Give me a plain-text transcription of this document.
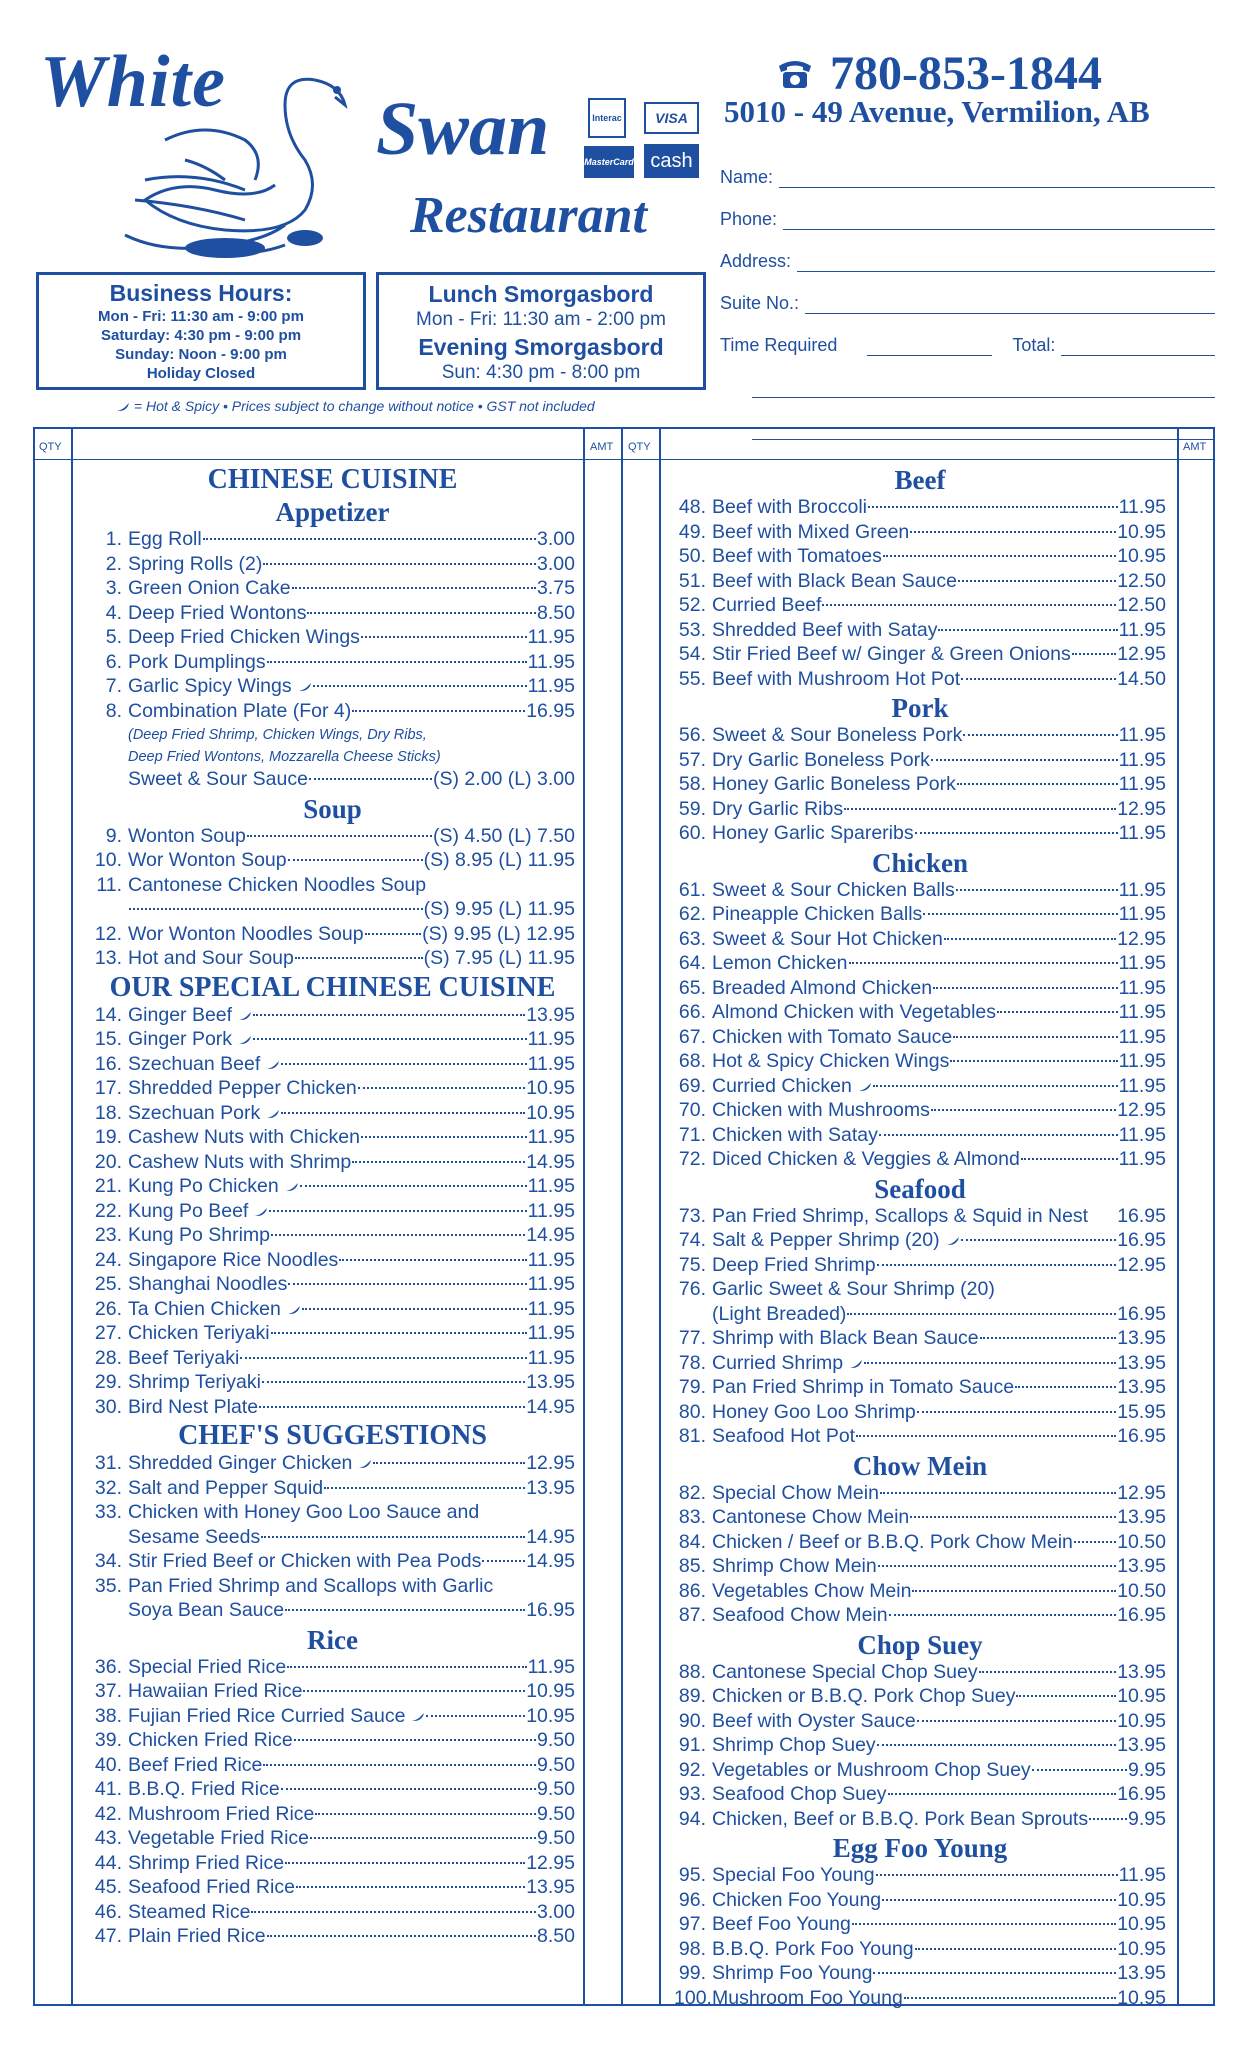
White
Swan
Restaurant
Interac	VISA
MasterCard cash
780-853-1844
5010 - 49 Avenue, Vermilion, AB
Name:
Phone:
Address:
Suite No.:
Time Required	Total:
Business Hours:
Mon - Fri: 11:30 am - 9:00 pm
Saturday: 4:30 pm - 9:00 pm
Sunday: Noon - 9:00 pm
Holiday Closed
Lunch Smorgasbord
Mon - Fri: 11:30 am - 2:00 pm
Evening Smorgasbord
Sun: 4:30 pm - 8:00 pm
= Hot & Spicy • Prices subject to change without notice • GST not included
QTY	AMT QTY	AMT
CHINESE CUISINE
Appetizer
1. Egg Roll	3.00
2. Spring Rolls (2)	3.00
3. Green Onion Cake	3.75
4. Deep Fried Wontons	8.50
5. Deep Fried Chicken Wings	11.95
6. Pork Dumplings	11.95
7. Garlic Spicy Wings	11.95
8. Combination Plate (For 4)	16.95
(Deep Fried Shrimp, Chicken Wings, Dry Ribs,
Deep Fried Wontons, Mozzarella Cheese Sticks)
Sweet & Sour Sauce	(S) 2.00 (L) 3.00
Soup
9. Wonton Soup	(S) 4.50 (L) 7.50
10. Wor Wonton Soup	(S) 8.95 (L) 11.95
11. Cantonese Chicken Noodles Soup
(S) 9.95 (L) 11.95
12. Wor Wonton Noodles Soup	(S) 9.95 (L) 12.95
13. Hot and Sour Soup	(S) 7.95 (L) 11.95
OUR SPECIAL CHINESE CUISINE
14. Ginger Beef	13.95
15. Ginger Pork	11.95
16. Szechuan Beef	11.95
17. Shredded Pepper Chicken	10.95
18. Szechuan Pork	10.95
19. Cashew Nuts with Chicken	11.95
20. Cashew Nuts with Shrimp	14.95
21. Kung Po Chicken	11.95
22. Kung Po Beef	11.95
23. Kung Po Shrimp	14.95
24. Singapore Rice Noodles	11.95
25. Shanghai Noodles	11.95
26. Ta Chien Chicken	11.95
27. Chicken Teriyaki	11.95
28. Beef Teriyaki	11.95
29. Shrimp Teriyaki	13.95
30. Bird Nest Plate	14.95
CHEF'S SUGGESTIONS
31. Shredded Ginger Chicken	12.95
32. Salt and Pepper Squid	13.95
33. Chicken with Honey Goo Loo Sauce and
Sesame Seeds	14.95
34. Stir Fried Beef or Chicken with Pea Pods 14.95
35. Pan Fried Shrimp and Scallops with Garlic
Soya Bean Sauce	16.95
Rice
36. Special Fried Rice	11.95
37. Hawaiian Fried Rice	10.95
38. Fujian Fried Rice Curried Sauce	10.95
39. Chicken Fried Rice	9.50
40. Beef Fried Rice	9.50
41. B.B.Q. Fried Rice	9.50
42. Mushroom Fried Rice	9.50
43. Vegetable Fried Rice	9.50
44. Shrimp Fried Rice	12.95
45. Seafood Fried Rice	13.95
46. Steamed Rice	3.00
47. Plain Fried Rice	8.50
Beef
48. Beef with Broccoli	11.95
49. Beef with Mixed Green	10.95
50. Beef with Tomatoes	10.95
51. Beef with Black Bean Sauce	12.50
52. Curried Beef	12.50
53. Shredded Beef with Satay	11.95
54. Stir Fried Beef w/ Ginger & Green Onions 12.95
55. Beef with Mushroom Hot Pot	14.50
Pork
56. Sweet & Sour Boneless Pork	11.95
57. Dry Garlic Boneless Pork	11.95
58. Honey Garlic Boneless Pork	11.95
59. Dry Garlic Ribs	12.95
60. Honey Garlic Spareribs	11.95
Chicken
61. Sweet & Sour Chicken Balls	11.95
62. Pineapple Chicken Balls	11.95
63. Sweet & Sour Hot Chicken	12.95
64. Lemon Chicken	11.95
65. Breaded Almond Chicken	11.95
66. Almond Chicken with Vegetables	11.95
67. Chicken with Tomato Sauce	11.95
68. Hot & Spicy Chicken Wings	11.95
69. Curried Chicken	11.95
70. Chicken with Mushrooms	12.95
71. Chicken with Satay	11.95
72. Diced Chicken & Veggies & Almond	11.95
Seafood
73. Pan Fried Shrimp, Scallops & Squid in Nest 16.95
74. Salt & Pepper Shrimp (20)	16.95
75. Deep Fried Shrimp	12.95
76. Garlic Sweet & Sour Shrimp (20)
(Light Breaded)	16.95
77. Shrimp with Black Bean Sauce	13.95
78. Curried Shrimp	13.95
79. Pan Fried Shrimp in Tomato Sauce	13.95
80. Honey Goo Loo Shrimp	15.95
81. Seafood Hot Pot	16.95
Chow Mein
82. Special Chow Mein	12.95
83. Cantonese Chow Mein	13.95
84. Chicken / Beef or B.B.Q. Pork Chow Mein 10.50
85. Shrimp Chow Mein	13.95
86. Vegetables Chow Mein	10.50
87. Seafood Chow Mein	16.95
Chop Suey
88. Cantonese Special Chop Suey	13.95
89. Chicken or B.B.Q. Pork Chop Suey	10.95
90. Beef with Oyster Sauce	10.95
91. Shrimp Chop Suey	13.95
92. Vegetables or Mushroom Chop Suey	9.95
93. Seafood Chop Suey	16.95
94. Chicken, Beef or B.B.Q. Pork Bean Sprouts 9.95
Egg Foo Young
95. Special Foo Young	11.95
96. Chicken Foo Young	10.95
97. Beef Foo Young	10.95
98. B.B.Q. Pork Foo Young	10.95
99. Shrimp Foo Young	13.95
100. Mushroom Foo Young	10.95
